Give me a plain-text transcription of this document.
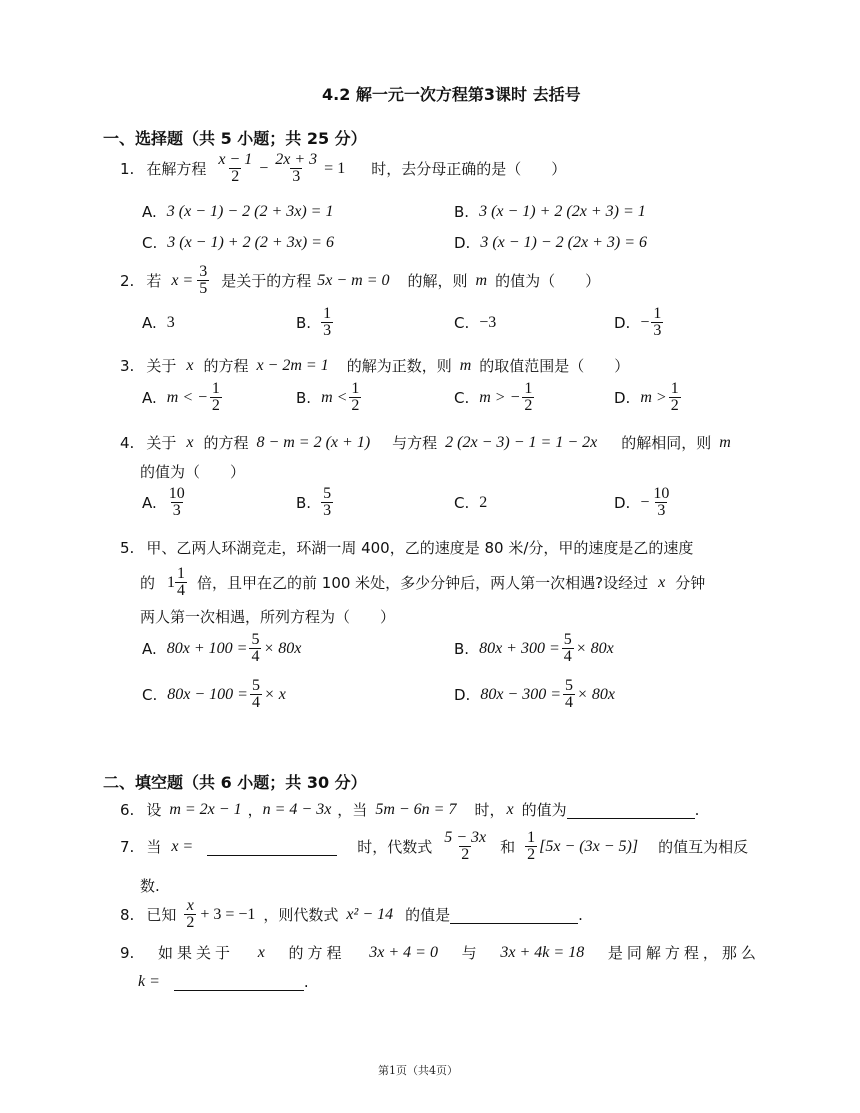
4.2 解一元一次方程第3课时 去括号
一、选择题（共 5 小题；共 25 分）
1. 在解方程 $\frac{x - 1}{2} - \frac{2x + 3}{3} = 1$ 时，去分母正确的是（　　）
A. 3 (x − 1) − 2 (2 + 3x) = 1	B. 3 (x − 1) + 2 (2x + 3) = 1
C. 3 (x − 1) + 2 (2 + 3x) = 6	D. 3 (x − 1) − 2 (2x + 3) = 6
2. 若 $x = \frac{3}{5}$ 是关于的方程 5x − m = 0 的解，则 m 的值为（　　）
A. 3	B. $\frac{1}{3}$	C. −3	D. − $\frac{1}{3}$
3. 关于 x 的方程 x − 2m = 1 的解为正数，则 m 的取值范围是（　　）
A. m < − $\frac{1}{2}$	B. $m < \frac{1}{2}$	C. m > − $\frac{1}{2}$	D. $m > \frac{1}{2}$
4. 关于 x 的方程 8 − m = 2 (x + 1) 与方程 2 (2x − 3) − 1 = 1 − 2x 的解相同，则 m
的值为（　　）
A. $\frac{10}{3}$	B. $\frac{5}{3}$	C. 2	D. − $\frac{10}{3}$
5. 甲、乙两人环湖竞走，环湖一周 400，乙的速度是 80 米/分，甲的速度是乙的速度
的 $1 \frac{1}{4}$ 倍，且甲在乙的前 100 米处，多少分钟后，两人第一次相遇?设经过 x 分钟
两人第一次相遇，所列方程为（　　）
A. $80x + 100 = \frac{5}{4} \times 80x$	B. $80x + 300 = \frac{5}{4} \times 80x$
C. $80x - 100 = \frac{5}{4} \times x$	D. $80x - 300 = \frac{5}{4} \times 80x$
二、填空题（共 6 小题；共 30 分）
6. 设 m = 2x − 1 ， n = 4 − 3x ，当 5m − 6n = 7 时， x 的值为	.
7. 当 x =	时，代数式 $\frac{5 - 3x}{2}$ 和 $\frac{1}{2} [5x - (3x - 5)]$ 的值互为相反
数.
8. 已知 $\frac{x}{2} + 3 = -1$ ，则代数式 x² − 14 的值是	.
9. 如果关于 x 的方程 3x + 4 = 0 与 3x + 4k = 18 是同解方程，那么
k =	.
第1页（共4页）
